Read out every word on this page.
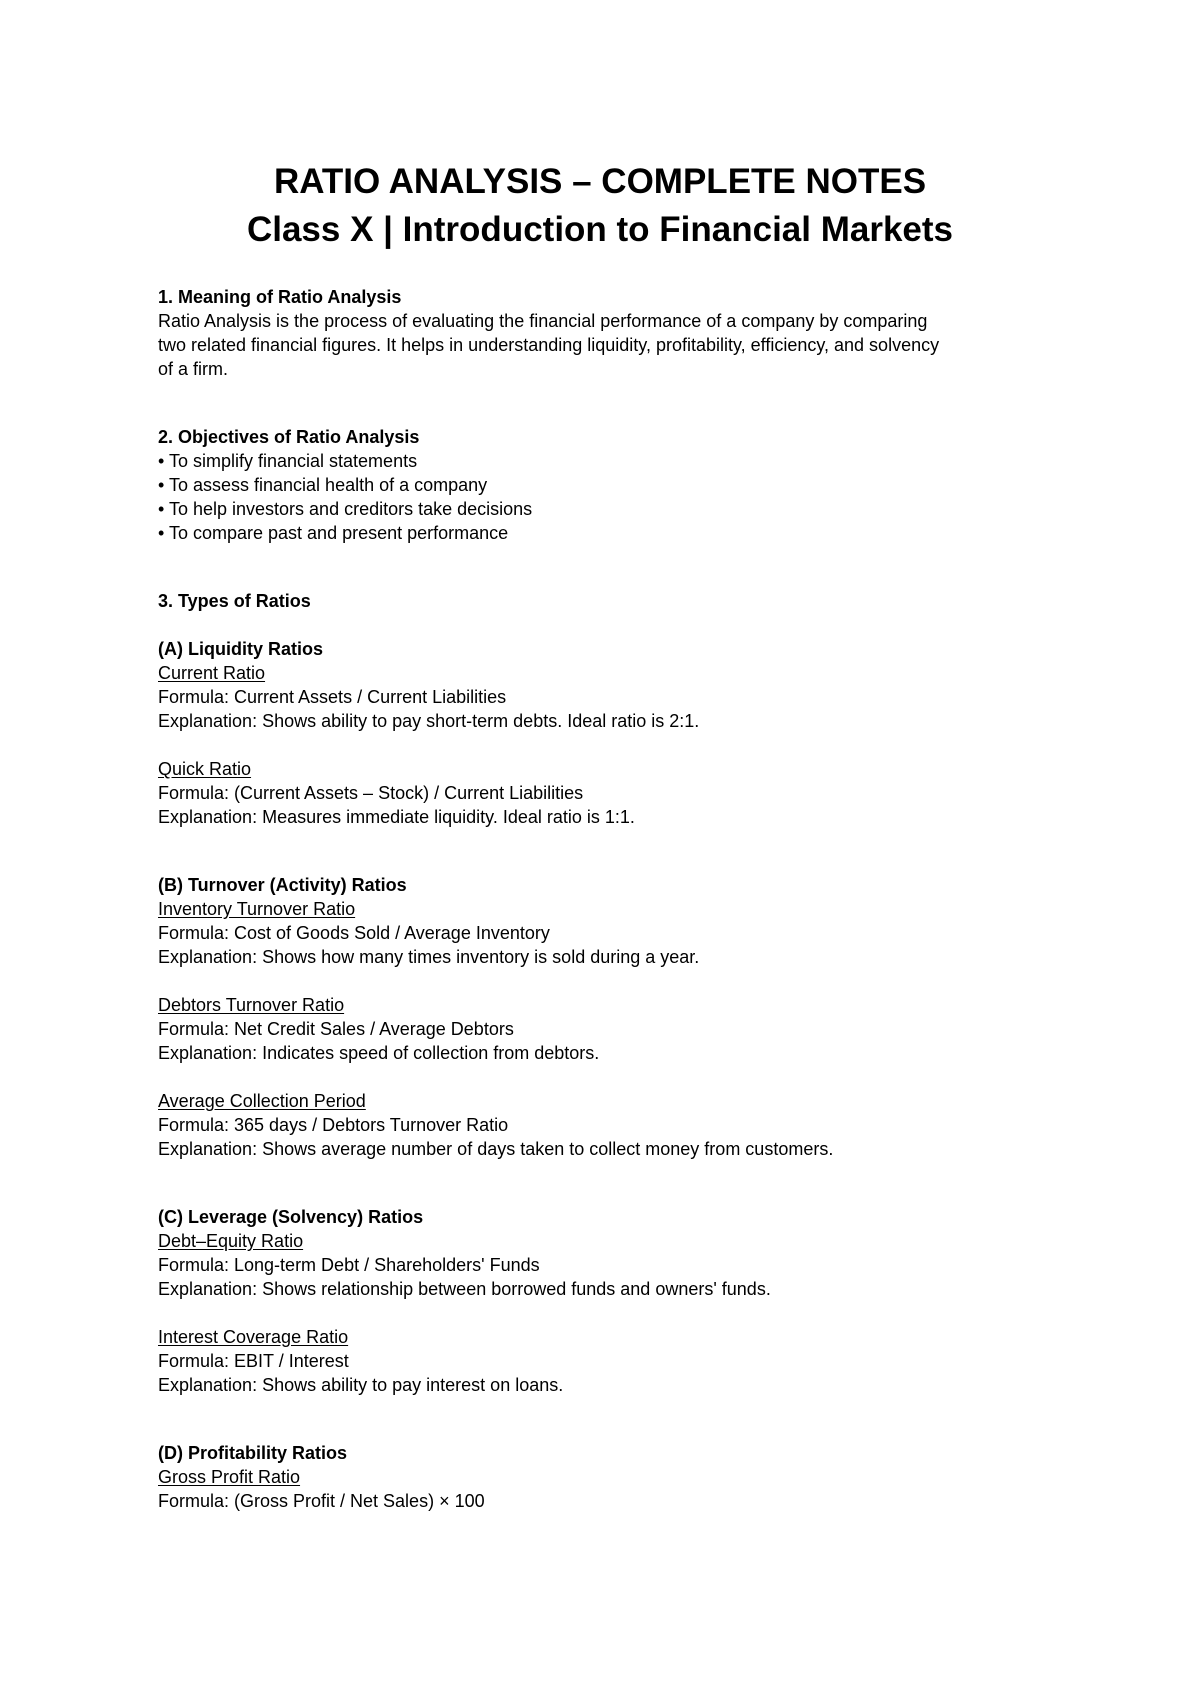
RATIO ANALYSIS – COMPLETE NOTES
Class X | Introduction to Financial Markets
1. Meaning of Ratio Analysis
Ratio Analysis is the process of evaluating the financial performance of a company by comparing
two related financial figures. It helps in understanding liquidity, profitability, efficiency, and solvency
of a firm.
2. Objectives of Ratio Analysis
• To simplify financial statements
• To assess financial health of a company
• To help investors and creditors take decisions
• To compare past and present performance
3. Types of Ratios
(A) Liquidity Ratios
Current Ratio
Formula: Current Assets / Current Liabilities
Explanation: Shows ability to pay short-term debts. Ideal ratio is 2:1.
Quick Ratio
Formula: (Current Assets – Stock) / Current Liabilities
Explanation: Measures immediate liquidity. Ideal ratio is 1:1.
(B) Turnover (Activity) Ratios
Inventory Turnover Ratio
Formula: Cost of Goods Sold / Average Inventory
Explanation: Shows how many times inventory is sold during a year.
Debtors Turnover Ratio
Formula: Net Credit Sales / Average Debtors
Explanation: Indicates speed of collection from debtors.
Average Collection Period
Formula: 365 days / Debtors Turnover Ratio
Explanation: Shows average number of days taken to collect money from customers.
(C) Leverage (Solvency) Ratios
Debt–Equity Ratio
Formula: Long-term Debt / Shareholders' Funds
Explanation: Shows relationship between borrowed funds and owners' funds.
Interest Coverage Ratio
Formula: EBIT / Interest
Explanation: Shows ability to pay interest on loans.
(D) Profitability Ratios
Gross Profit Ratio
Formula: (Gross Profit / Net Sales) × 100
